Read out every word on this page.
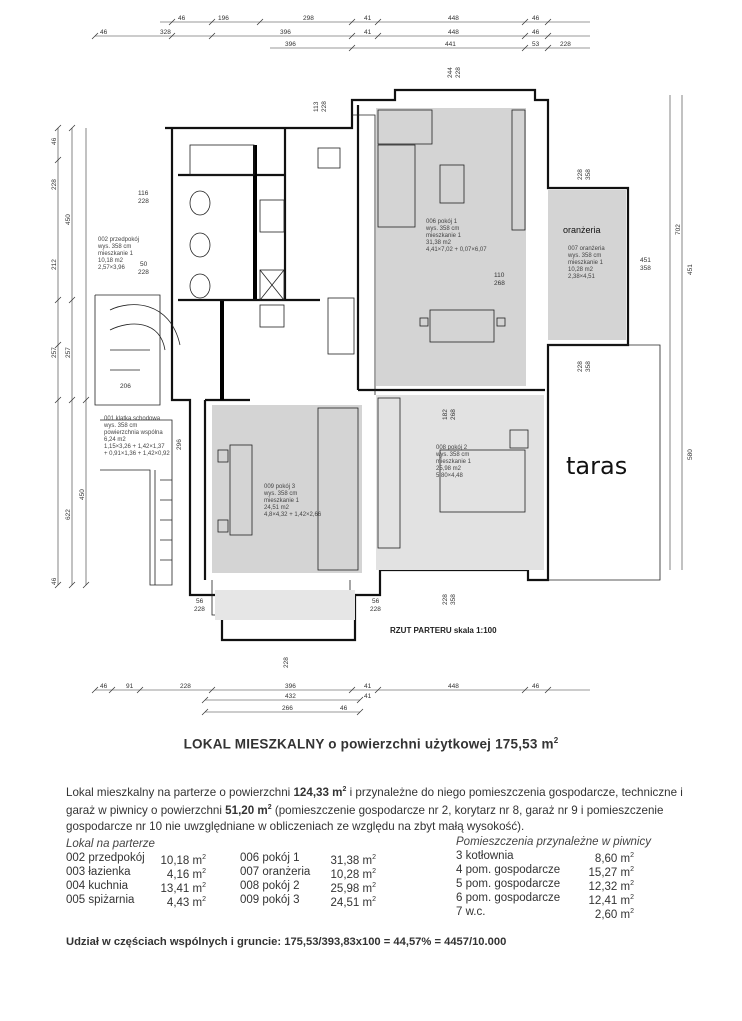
46	196	298	41	448	46
46	328	396	41	448	46
396	441	53	228
228
450
212
257 257
450
622
46
46
702
451
580
002 przedpokój
wys. 358 cm
mieszkanie 1
10,18 m2
2,57×3,96
006 pokój 1
wys. 358 cm
mieszkanie 1
31,38 m2
4,41×7,02 + 0,07×6,07	007 oranżeria
wys. 358 cm
mieszkanie 1
10,28 m2
2,38×4,51
001 klatka schodowa
wys. 358 cm
powierzchnia wspólna
6,24 m2
1,15×3,26 + 1,42×1,37
+ 0,91×1,36 + 1,42×0,92
008 pokój 2
wys. 358 cm
mieszkanie 1
25,98 m2
5,80×4,48
009 pokój 3
wys. 358 cm
mieszkanie 1
24,51 m2
4,8×4,32 + 1,42×2,66
oranżeria
taras
RZUT PARTERU skala 1:100
46	91	228	396	41	448	46
432	41
266	46
113 228
244 228
116
228
50
228	110
268
228 358
451
358
228 358
182 268
56
228
56
228
228 358
228
296
206
LOKAL MIESZKALNY o powierzchni użytkowej 175,53 $m^2$
Lokal mieszkalny na parterze o powierzchni 124,33 $m^2$ i przynależne do niego pomieszczenia gospodarcze, techniczne i garaż w piwnicy o powierzchni 51,20 $m^2$ (pomieszczenie gospodarcze nr 2, korytarz nr 8, garaż nr 9 i pomieszczenie gospodarcze nr 10 nie uwzględniane w obliczeniach ze względu na zbyt małą wysokość).
Lokal na parterze	Pomieszczenia przynależne w piwnicy
002 przedpokój 10,18 $m^2$
003 łazienka	4,16 $m^2$
004 kuchnia	13,41 $m^2$
005 spiżarnia	4,43 $m^2$
006 pokój 1	31,38 $m^2$
007 oranżeria 10,28 $m^2$
008 pokój 2	25,98 $m^2$
009 pokój 3	24,51 $m^2$
3 kotłownia	8,60 $m^2$
4 pom. gospodarcze 15,27 $m^2$
5 pom. gospodarcze 12,32 $m^2$
6 pom. gospodarcze 12,41 $m^2$
7 w.c.	2,60 $m^2$
Udział w częściach wspólnych i gruncie: 175,53/393,83x100 = 44,57% = 4457/10.000
